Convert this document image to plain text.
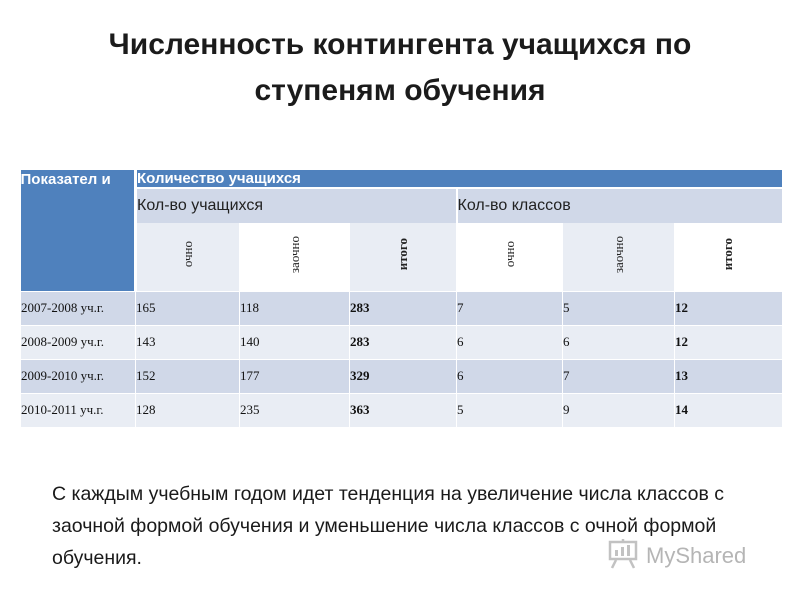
Численность контингента учащихся по ступеням обучения
Показател и	Количество учащихся					
	Кол-во учащихся			Кол-во классов		
	очно	заочно	итого	очно	заочно	итого
2007-2008 уч.г.	165	118	283	7	5	12
2008-2009 уч.г.	143	140	283	6	6	12
2009-2010 уч.г.	152	177	329	6	7	13
2010-2011 уч.г.	128	235	363	5	9	14
С каждым учебным годом идет тенденция на увеличение числа классов с заочной формой обучения и уменьшение числа классов с очной формой обучения.	MyShared
